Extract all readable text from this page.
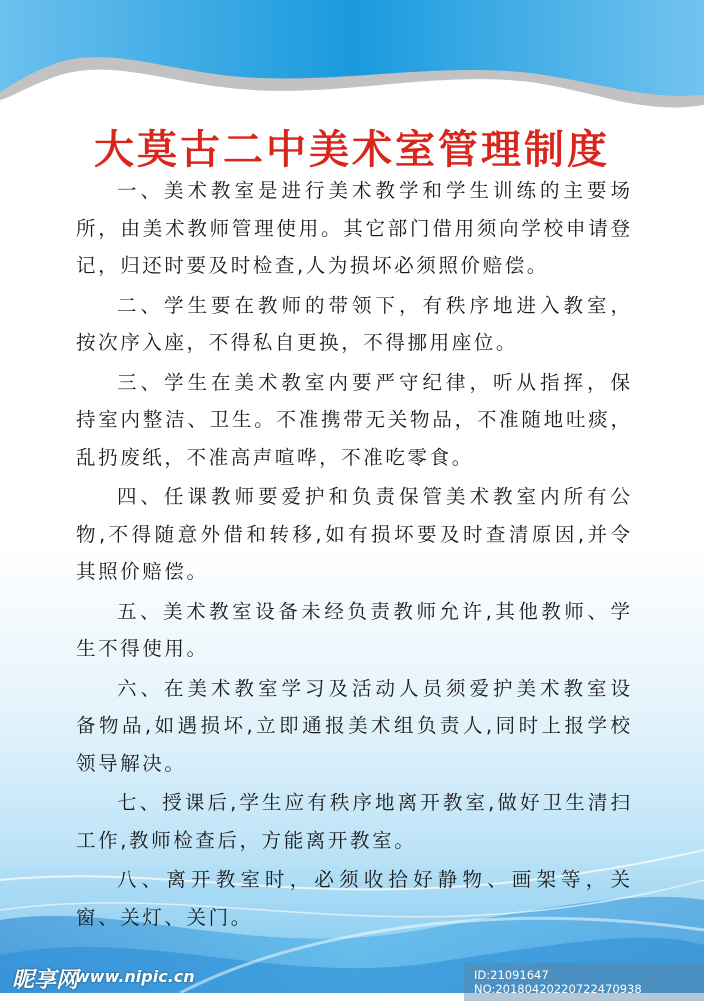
大莫古二中美术室管理制度
一、美术教室是进行美术教学和学生训练的主要场
所，由美术教师管理使用。其它部门借用须向学校申请登
记，归还时要及时检查,人为损坏必须照价赔偿。
二、学生要在教师的带领下，有秩序地进入教室，
按次序入座，不得私自更换，不得挪用座位。
三、学生在美术教室内要严守纪律，听从指挥，保
持室内整洁、卫生。不准携带无关物品，不准随地吐痰，
乱扔废纸，不准高声喧哗，不准吃零食。
四、任课教师要爱护和负责保管美术教室内所有公
物,不得随意外借和转移,如有损坏要及时查清原因,并令
其照价赔偿。
五、美术教室设备未经负责教师允许,其他教师、学
生不得使用。
六、在美术教室学习及活动人员须爱护美术教室设
备物品,如遇损坏,立即通报美术组负责人,同时上报学校
领导解决。
七、授课后,学生应有秩序地离开教室,做好卫生清扫
工作,教师检查后，方能离开教室。
八、离开教室时，必须收拾好静物、画架等，关
窗、关灯、关门。
昵享网
www.nipic.cn	ID:21091647 NO:20180420220722470938
